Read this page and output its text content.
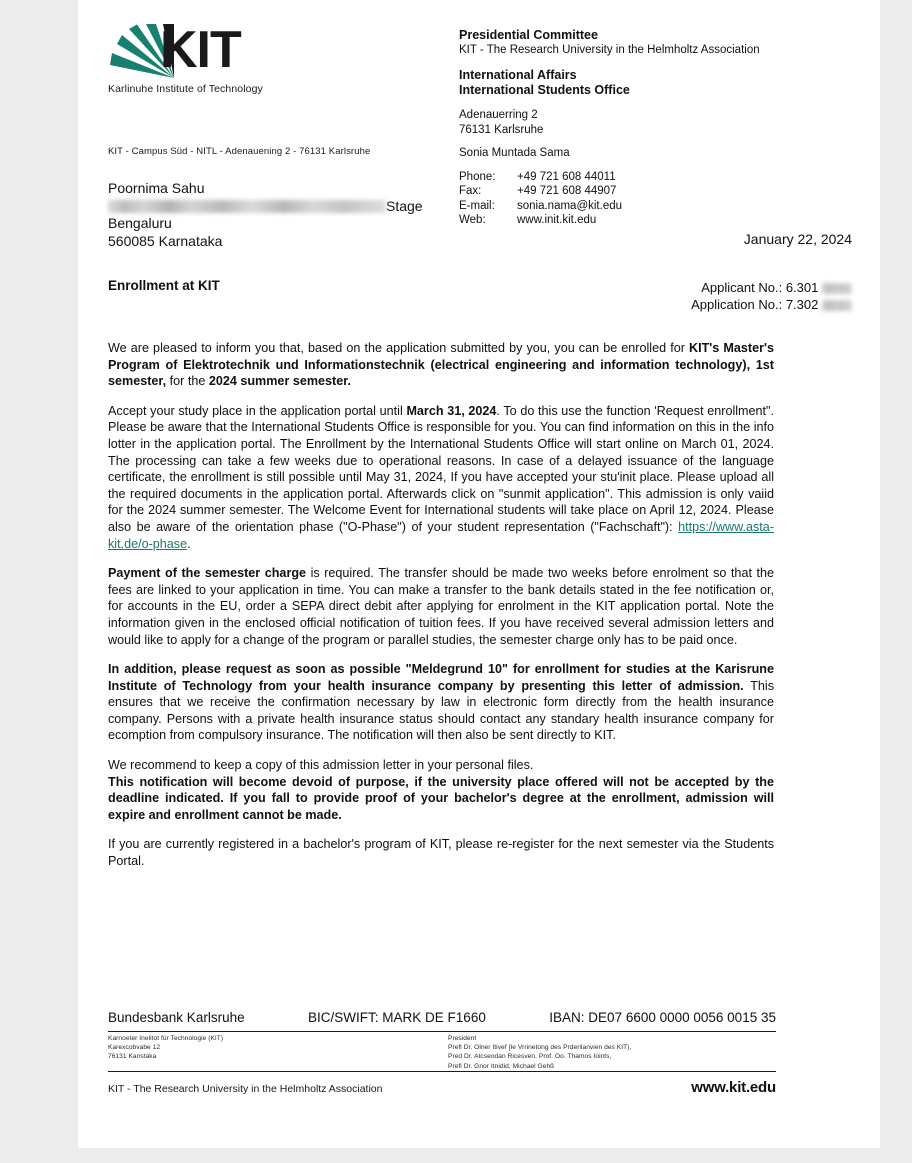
KIT
Karlinuhe Institute of Technology
Presidential Committee
KIT - The Research University in the Helmholtz Association
International Affairs
International Students Office
Adenauerring 2
76131 Karlsruhe
Sonia Muntada Sama
Phone:	+49 721 608 44011
Fax:	+49 721 608 44907
E-mail:	sonia.nama@kit.edu
Web:	www.init.kit.edu
KIT - Campus Süd - NITL - Adenauening 2 - 76131 Karlsruhe
Poornima Sahu
Stage
Bengaluru
560085 Karnataka	January 22, 2024
Enrollment at KIT	Applicant No.: 6.301
Application No.: 7.302

We are pleased to inform you that, based on the application submitted by you, you can be enrolled for KIT's Master's Program of Elektrotechnik und Informationstechnik (electrical engineering and information technology), 1st semester, for the 2024 summer semester.

Accept your study place in the application portal until March 31, 2024. To do this use the function ʹRequest enrollment". Please be aware that the International Students Office is responsible for you. You can find information on this in the info lotter in the application portal. The Enrollment by the International Students Office will start online on March 01, 2024. The processing can take a few weeks due to operational reasons. In case of a delayed issuance of the language certificate, the enrollment is still possible until May 31, 2024, If you have accepted your stuʹinit place. Please upload all the required documents in the application portal. Afterwards click on "sunmit application". This admission is only vaiid for the 2024 summer semester. The Welcome Event for International students will take place on April 12, 2024. Please also be aware of the orientation phase ("O-Phase") of your student representation ("Fachschaft"): https://www.asta-kit.de/o-phase.

Payment of the semester charge is required. The transfer should be made two weeks before enrolment so that the fees are linked to your application in time. You can make a transfer to the bank details stated in the fee notification or, for accounts in the EU, order a SEPA direct debit after applying for enrolment in the KIT application portal. Note the information given in the enclosed official notification of tuition fees. If you have received several admission letters and would like to apply for a change of the program or parallel studies, the semester charge only has to be paid once.

In addition, please request as soon as possible "Meldegrund 10" for enrollment for studies at the Karisrune Institute of Technology from your health insurance company by presenting this letter of admission. This ensures that we receive the confirmation necessary by law in electronic form directly from the health insurance company. Persons with a private health insurance status should contact any standary health insurance company for ecomption from compulsory insurance. The notification will then also be sent directly to KIT.

We recommend to keep a copy of this admission letter in your personal files.

This notification will become devoid of purpose, if the university place offered will not be accepted by the deadline indicated. If you fall to provide proof of your bachelor's degree at the enrollment, admission will expire and enrollment cannot be made.

If you are currently registered in a bachelor's program of KIT, please re-register for the next semester via the Students Portal.

Bundesbank Karlsruhe	BIC/SWIFT: MARK DE F1660	IBAN: DE07 6600 0000 0056 0015 35
Karnoeter Inelitot für Technologie (KIT)
Karexcobvabe 12
76131 Kanstaka
President
Prefl Dr. Olner Itivef [Ie Vrrinetong des Prderilanvien des KIT),
Pred Dr. Atcseodan Ricesven. Prof. Oo. Thamos Ioints,
Prefl Dr. Gnor Itnidid, Michael Gehß
KIT - The Research University in the Helmholtz Association	www.kit.edu
